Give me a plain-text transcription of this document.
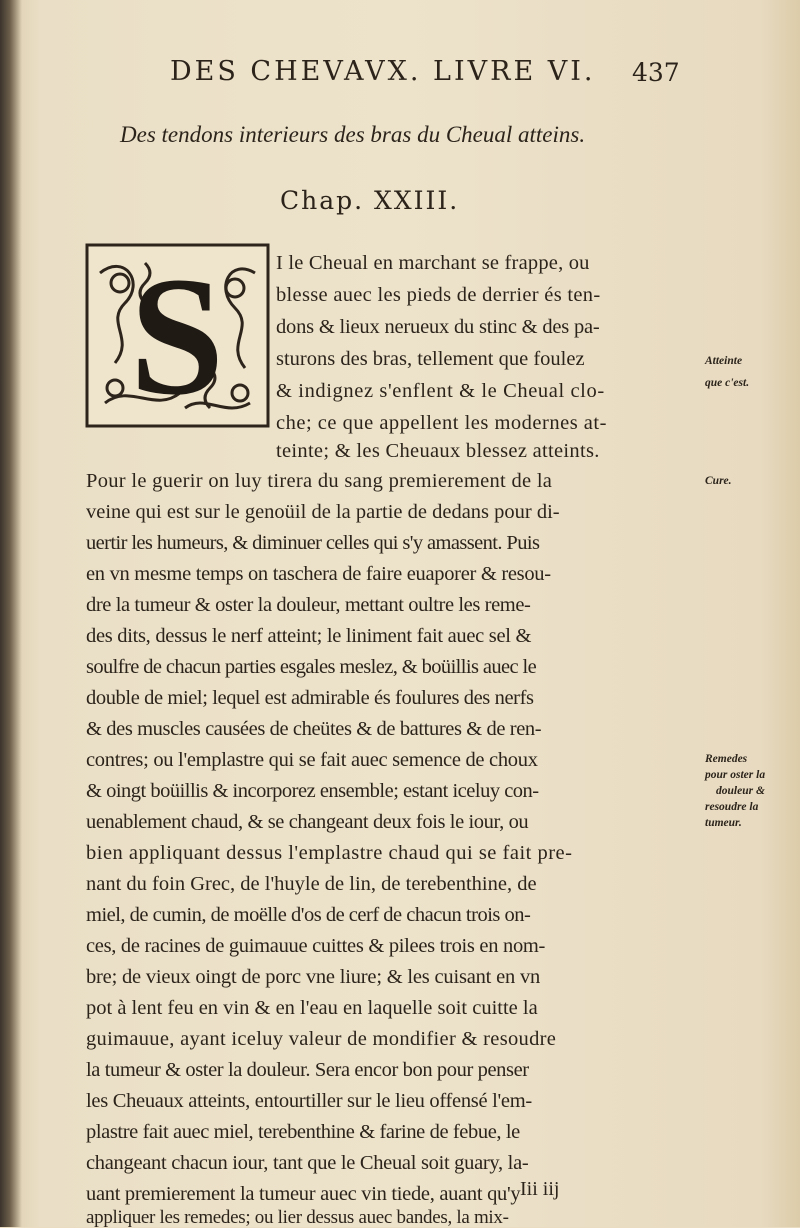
DES CHEVAVX. LIVRE VI. 437
Des tendons interieurs des bras du Cheual atteins.
Chap. XXIII.
S	I le Cheual en marchant se frappe, ou
blesse auec les pieds de derrier és ten-
dons & lieux nerueux du stinc & des pa-
sturons des bras, tellement que foulez
& indignez s'enflent & le Cheual clo-
che; ce que appellent les modernes at-
teinte; & les Cheuaux blessez atteints.
Pour le guerir on luy tirera du sang premierement de la
veine qui est sur le genoüil de la partie de dedans pour di-
uertir les humeurs, & diminuer celles qui s'y amassent. Puis
en vn mesme temps on taschera de faire euaporer & resou-
dre la tumeur & oster la douleur, mettant oultre les reme-
des dits, dessus le nerf atteint; le liniment fait auec sel &
soulfre de chacun parties esgales meslez, & boüillis auec le
double de miel; lequel est admirable és foulures des nerfs
& des muscles causées de cheütes & de battures & de ren-
contres; ou l'emplastre qui se fait auec semence de choux
& oingt boüillis & incorporez ensemble; estant iceluy con-
uenablement chaud, & se changeant deux fois le iour, ou
bien appliquant dessus l'emplastre chaud qui se fait pre-
nant du foin Grec, de l'huyle de lin, de terebenthine, de
miel, de cumin, de moëlle d'os de cerf de chacun trois on-
ces, de racines de guimauue cuittes & pilees trois en nom-
bre; de vieux oingt de porc vne liure; & les cuisant en vn
pot à lent feu en vin & en l'eau en laquelle soit cuitte la
guimauue, ayant iceluy valeur de mondifier & resoudre
la tumeur & oster la douleur. Sera encor bon pour penser
les Cheuaux atteints, entourtiller sur le lieu offensé l'em-
plastre fait auec miel, terebenthine & farine de febue, le
changeant chacun iour, tant que le Cheual soit guary, la-
uant premierement la tumeur auec vin tiede, auant qu'y
appliquer les remedes; ou lier dessus auec bandes, la mix-
Atteinte
que c'est.
Cure.
Remedes
pour oster la
douleur &
resoudre la
tumeur.
Iii iij
